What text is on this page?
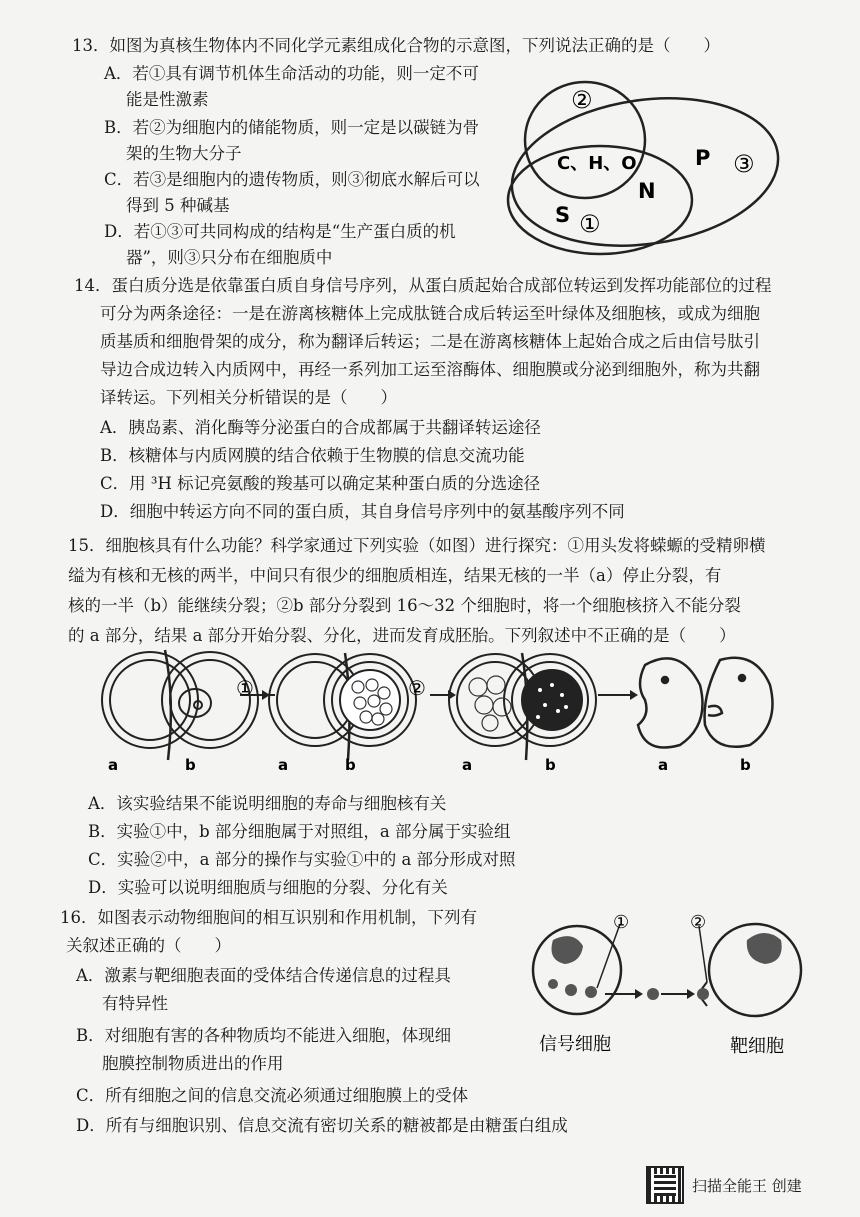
13．如图为真核生物体内不同化学元素组成化合物的示意图，下列说法正确的是（　　）
A．若①具有调节机体生命活动的功能，则一定不可
能是性激素
B．若②为细胞内的储能物质，则一定是以碳链为骨
架的生物大分子
C．若③是细胞内的遗传物质，则③彻底水解后可以
得到 5 种碱基
D．若①③可共同构成的结构是“生产蛋白质的机
器”，则③只分布在细胞质中
②
C、H、O	P ③
N
S ①
14．蛋白质分选是依靠蛋白质自身信号序列，从蛋白质起始合成部位转运到发挥功能部位的过程
可分为两条途径：一是在游离核糖体上完成肽链合成后转运至叶绿体及细胞核，或成为细胞
质基质和细胞骨架的成分，称为翻译后转运；二是在游离核糖体上起始合成之后由信号肽引
导边合成边转入内质网中，再经一系列加工运至溶酶体、细胞膜或分泌到细胞外，称为共翻
译转运。下列相关分析错误的是（　　）
A．胰岛素、消化酶等分泌蛋白的合成都属于共翻译转运途径
B．核糖体与内质网膜的结合依赖于生物膜的信息交流功能
C．用 ³H 标记亮氨酸的羧基可以确定某种蛋白质的分选途径
D．细胞中转运方向不同的蛋白质，其自身信号序列中的氨基酸序列不同
15．细胞核具有什么功能？科学家通过下列实验（如图）进行探究：①用头发将蝾螈的受精卵横
缢为有核和无核的两半，中间只有很少的细胞质相连，结果无核的一半（a）停止分裂，有
核的一半（b）能继续分裂；②b 部分分裂到 16～32 个细胞时，将一个细胞核挤入不能分裂
的 a 部分，结果 a 部分开始分裂、分化，进而发育成胚胎。下列叙述中不正确的是（　　）
a	b
①
a	b
②
a	b	a	b
A．该实验结果不能说明细胞的寿命与细胞核有关
B．实验①中，b 部分细胞属于对照组，a 部分属于实验组
C．实验②中，a 部分的操作与实验①中的 a 部分形成对照
D．实验可以说明细胞质与细胞的分裂、分化有关
16．如图表示动物细胞间的相互识别和作用机制，下列有
关叙述正确的（　　）
A．激素与靶细胞表面的受体结合传递信息的过程具
有特异性
B．对细胞有害的各种物质均不能进入细胞，体现细
胞膜控制物质进出的作用
C．所有细胞之间的信息交流必须通过细胞膜上的受体
D．所有与细胞识别、信息交流有密切关系的糖被都是由糖蛋白组成
①	②
信号细胞	靶细胞
扫描全能王 创建
